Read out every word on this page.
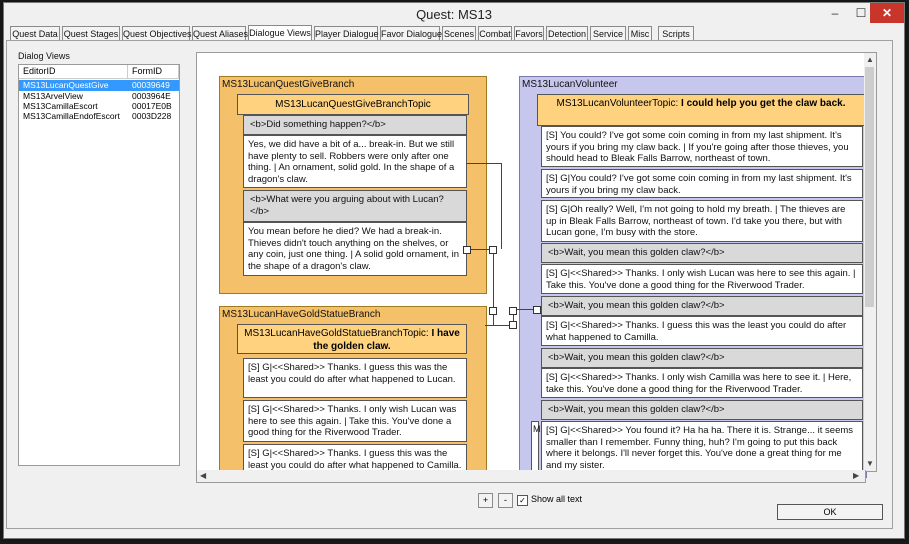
Quest: MS13	–	☐	✕
Quest Data Quest Stages Quest Objectives Quest Aliases Dialogue Views Player Dialogue Favor Dialogue Scenes Combat Favors Detection Service Misc	Scripts
Dialog Views
EditorID	FormID
MS13LucanQuestGive	00039649
MS13ArvelView	0003964E
MS13CamillaEscort	00017E0B
MS13CamillaEndofEscort 0003D228
MS13LucanQuestGiveBranch
MS13LucanQuestGiveBranchTopic
<b>Did something happen?</b>
Yes, we did have a bit of a... break-in. But we still have plenty to sell. Robbers were only after one thing. | An ornament, solid gold. In the shape of a dragon's claw.
<b>What were you arguing about with Lucan?</b>
You mean before he died? We had a break-in. Thieves didn't touch anything on the shelves, or any coin, just one thing. | A solid gold ornament, in the shape of a dragon's claw.
MS13LucanHaveGoldStatueBranch
MS13LucanHaveGoldStatueBranchTopic: I have the golden claw.
[S] G|<<Shared>> Thanks. I guess this was the least you could do after what happened to Lucan.
[S] G|<<Shared>> Thanks. I only wish Lucan was here to see this again. | Take this. You've done a good thing for the Riverwood Trader.
[S] G|<<Shared>> Thanks. I guess this was the least you could do after what happened to Camilla.
MS13LucanVolunteer
MS13LucanVolunteerTopic: I could help you get the claw back.
[S] You could? I've got some coin coming in from my last shipment. It's yours if you bring my claw back. | If you're going after those thieves, you should head to Bleak Falls Barrow, northeast of town.
[S] G|You could? I've got some coin coming in from my last shipment. It's yours if you bring my claw back.
[S] G|Oh really? Well, I'm not going to hold my breath. | The thieves are up in Bleak Falls Barrow, northeast of town. I'd take you there, but with Lucan gone, I'm busy with the store.
<b>Wait, you mean this golden claw?</b>
[S] G|<<Shared>> Thanks. I only wish Lucan was here to see this again. | Take this. You've done a good thing for the Riverwood Trader.
<b>Wait, you mean this golden claw?</b>
[S] G|<<Shared>> Thanks. I guess this was the least you could do after what happened to Camilla.
<b>Wait, you mean this golden claw?</b>
[S] G|<<Shared>> Thanks. I only wish Camilla was here to see it. | Here, take this. You've done a good thing for the Riverwood Trader.
<b>Wait, you mean this golden claw?</b>
M [S] G|<<Shared>> You found it? Ha ha ha. There it is. Strange... it seems smaller than I remember. Funny thing, huh? I'm going to put this back where it belongs. I'll never forget this. You've done a great thing for me and my sister.
▲
▼
◀	▶
+	-	✓ Show all text
OK
